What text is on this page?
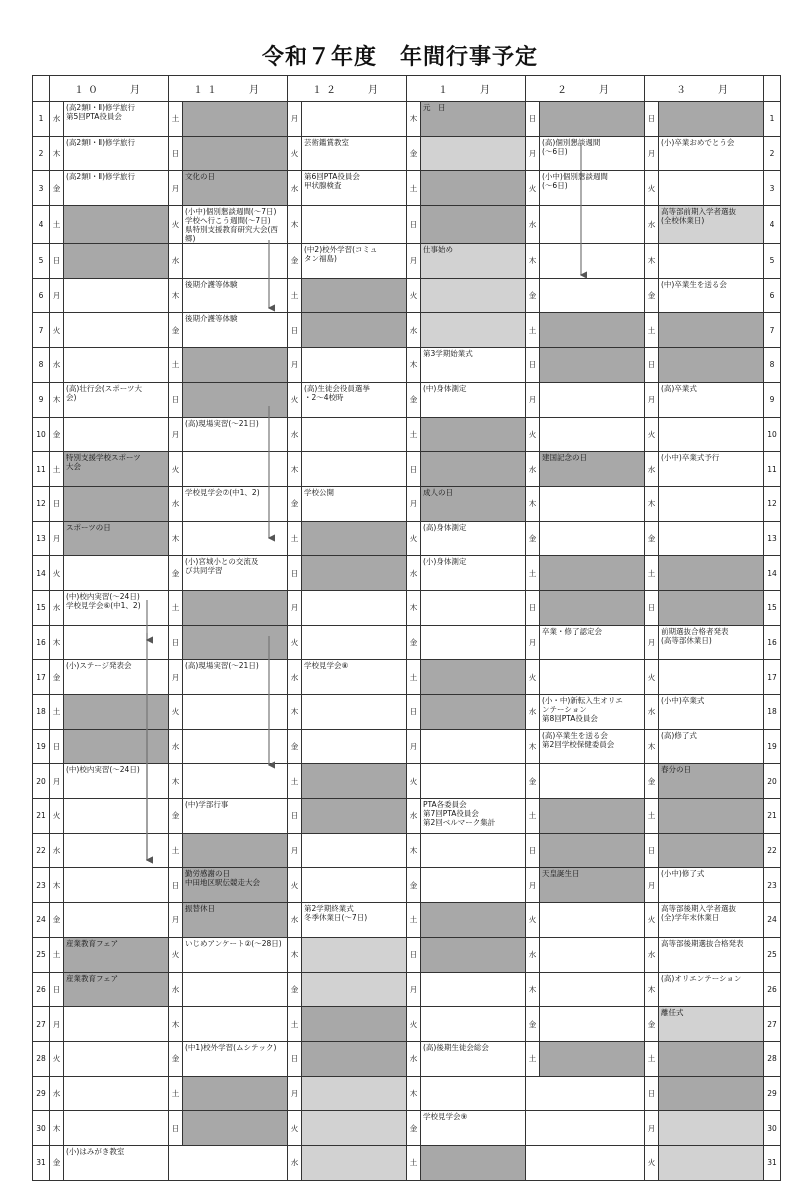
令和７年度　年間行事予定
	１０　　月		１１　　月		１２　　月		１　　月		２　　月		３　　月		
1	水	(高2類Ⅰ・Ⅱ)修学旅行
第5回PTA役員会	土		月		木	元　日	日		日		1
2	木	(高2類Ⅰ・Ⅱ)修学旅行	日		火	芸術鑑賞教室	金		月	(高)個別懇談週間
(～6日)	月	(小)卒業おめでとう会	2
3	金	(高2類Ⅰ・Ⅱ)修学旅行	月	文化の日	水	第6回PTA役員会
甲状腺検査	土		火	(小中)個別懇談週間
(～6日)	火		3
4	土		火	(小中)個別懇談週間(～7日)
学校へ行こう週間(～7日)
県特別支援教育研究大会(西郷)	木		日		水		水	高等部前期入学者選抜
(全校休業日)	4
5	日		水		金	(中2)校外学習(コミュ
タン福島)	月	仕事始め	木		木		5
6	月		木	後期介護等体験	土		火		金		金	(中)卒業生を送る会	6
7	火		金	後期介護等体験	日		水		土		土		7
8	水		土		月		木	第3学期始業式	日		日		8
9	木	(高)壮行会(スポーツ大
会)	日		火	(高)生徒会役員選挙
・2～4校時	金	(中)身体測定	月		月	(高)卒業式	9
10	金		月	(高)現場実習(～21日)	水		土		火		火		10
11	土	特別支援学校スポーツ
大会	火		木		日		水	建国記念の日	水	(小中)卒業式予行	11
12	日		水	学校見学会⑦(中1、2)	金	学校公開	月	成人の日	木		木		12
13	月	スポーツの日	木		土		火	(高)身体測定	金		金		13
14	火		金	(小)宮城小との交流及
び共同学習	日		水	(小)身体測定	土		土		14
15	水	(中)校内実習(～24日)
学校見学会⑥(中1、2)	土		月		木		日		日		15
16	木		日		火		金		月	卒業・修了認定会	月	前期選抜合格者発表
(高等部休業日)	16
17	金	(小)ステージ発表会	月	(高)現場実習(～21日)	水	学校見学会⑧	土		火		火		17
18	土		火		木		日		水	(小・中)新転入生オリエ
ンテーション
第8回PTA役員会	水	(小中)卒業式	18
19	日		水		金		月		木	(高)卒業生を送る会
第2回学校保健委員会	木	(高)修了式	19
20	月	(中)校内実習(～24日)	木		土		火		金		金	春分の日	20
21	火		金	(中)学部行事	日		水	PTA各委員会
第7回PTA役員会
第2回ベルマーク集計	土		土		21
22	水		土		月		木		日		日		22
23	木		日	勤労感謝の日
中田地区駅伝競走大会	火		金		月	天皇誕生日	月	(小中)修了式	23
24	金		月	振替休日	水	第2学期終業式
冬季休業日(～7日)	土		火		火	高等部後期入学者選抜
(全)学年末休業日	24
25	土	産業教育フェア	火	いじめアンケート②(～28日)	木		日		水		水	高等部後期選抜合格発表	25
26	日	産業教育フェア	水		金		月		木		木	(高)オリエンテーション	26
27	月		木		土		火		金		金	離任式	27
28	火		金	(中1)校外学習(ムシテック)	日		水	(高)後期生徒会総会	土		土		28
29	水		土		月		木				日		29
30	木		日		火		金	学校見学会⑨			月		30
31	金	(小)はみがき教室			水		土				火		31
